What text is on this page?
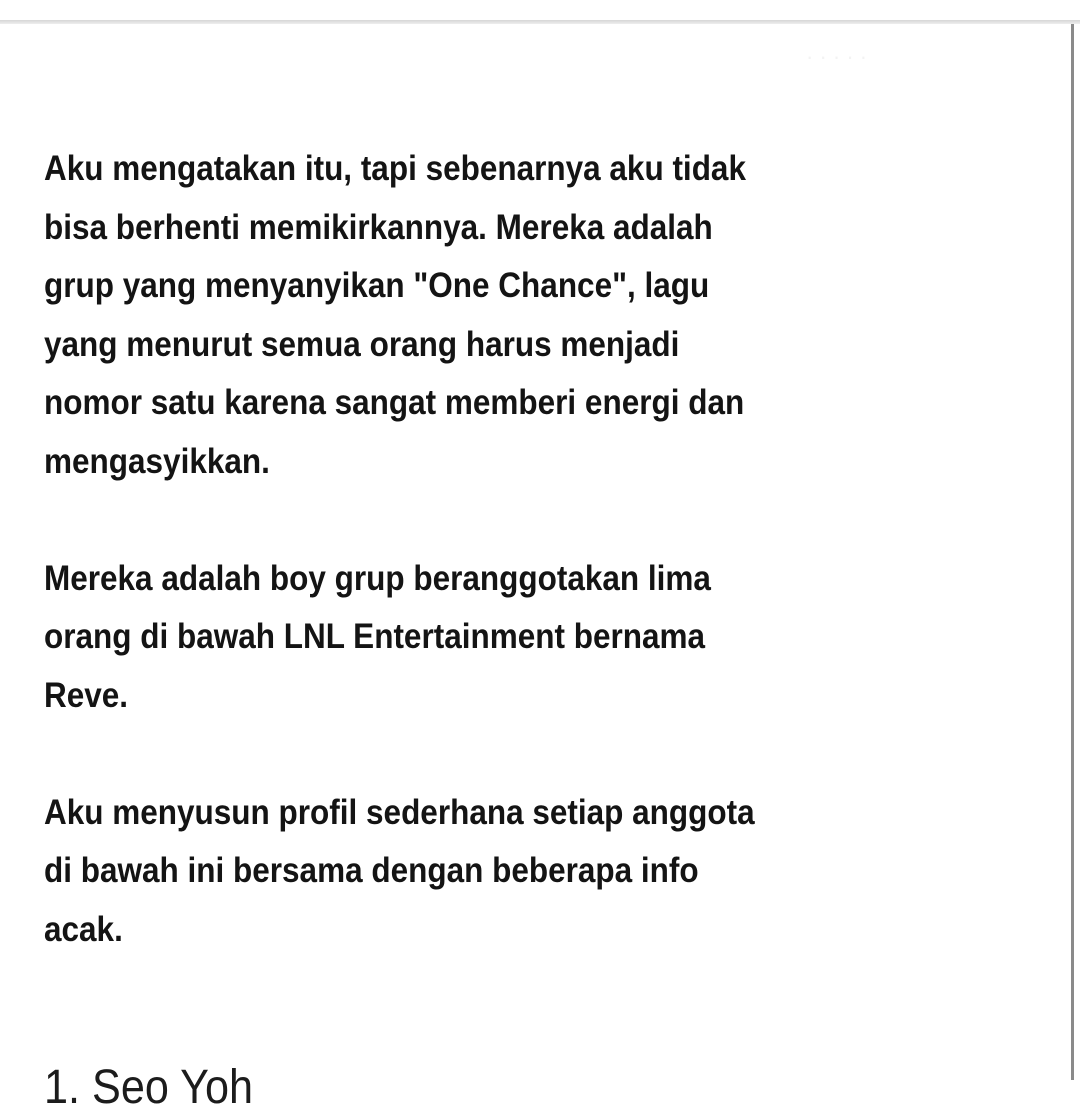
· · · · ·

Aku mengatakan itu, tapi sebenarnya aku tidak
bisa berhenti memikirkannya. Mereka adalah
grup yang menyanyikan "One Chance", lagu
yang menurut semua orang harus menjadi
nomor satu karena sangat memberi energi dan
mengasyikkan.

Mereka adalah boy grup beranggotakan lima
orang di bawah LNL Entertainment bernama
Reve.

Aku menyusun profil sederhana setiap anggota
di bawah ini bersama dengan beberapa info
acak.

1. Seo Yoh
